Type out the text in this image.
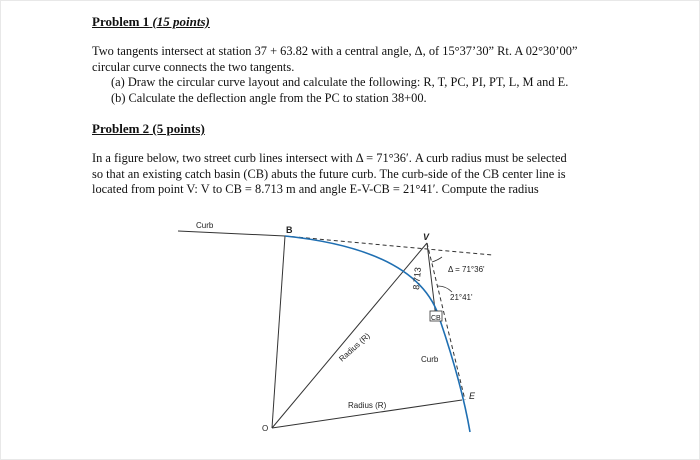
Problem 1 (15 points)
Two tangents intersect at station 37 + 63.82 with a central angle, Δ, of 15°37’30” Rt. A 02°30’00”
circular curve connects the two tangents.
(a) Draw the circular curve layout and calculate the following: R, T, PC, PI, PT, L, M and E.
(b) Calculate the deflection angle from the PC to station 38+00.
Problem 2 (5 points)
In a figure below, two street curb lines intersect with Δ = 71°36′. A curb radius must be selected
so that an existing catch basin (CB) abuts the future curb. The curb-side of the CB center line is
located from point V: V to CB = 8.713 m and angle E-V-CB = 21°41′. Compute the radius
Curb	B
V
Δ = 71°36'
21°41'
8.713
CB
Curb
Radius (R)
Radius (R)
O
E
